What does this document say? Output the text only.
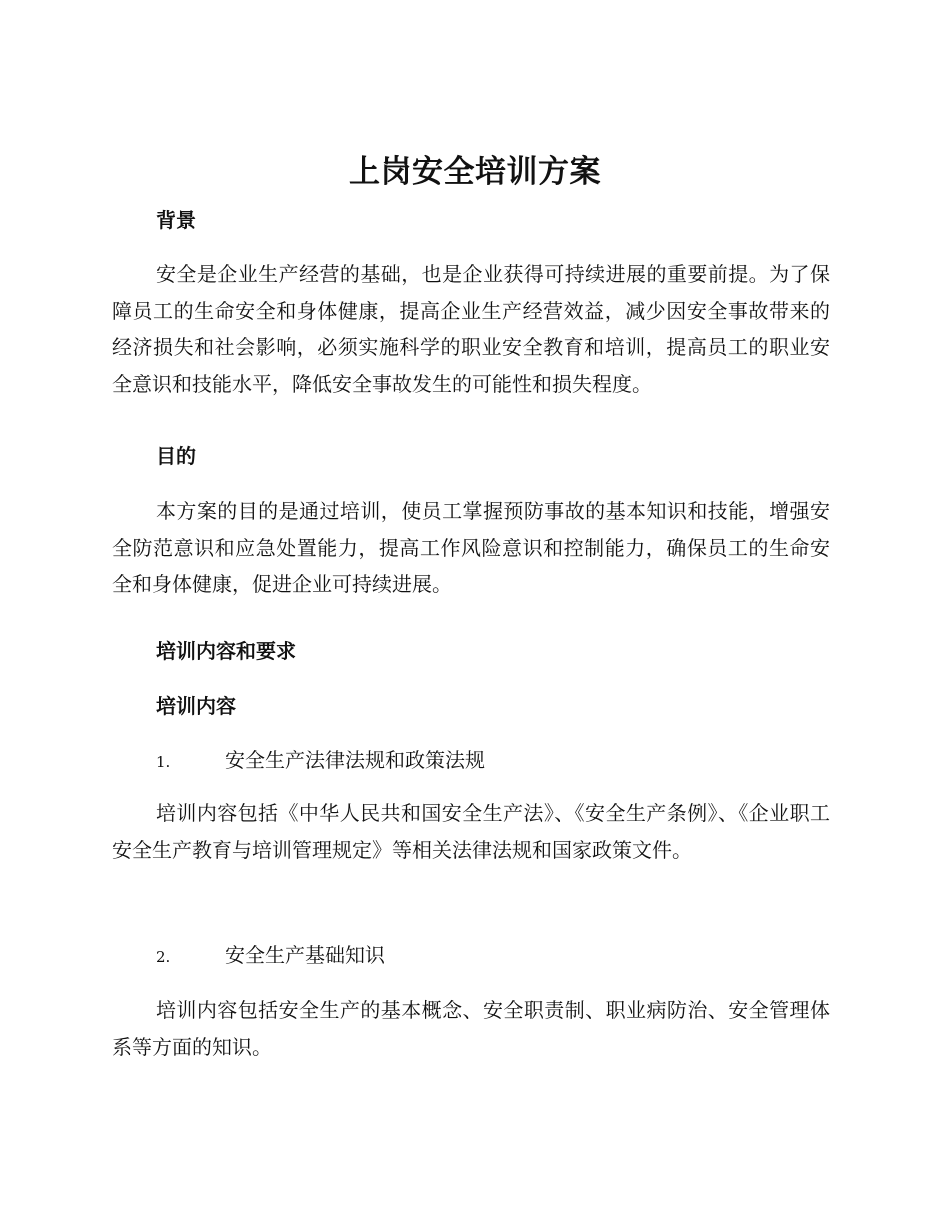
上岗安全培训方案
背景

安全是企业生产经营的基础，也是企业获得可持续进展的重要前提。为了保障员工的生命安全和身体健康，提高企业生产经营效益，减少因安全事故带来的经济损失和社会影响，必须实施科学的职业安全教育和培训，提高员工的职业安全意识和技能水平，降低安全事故发生的可能性和损失程度。

目的

本方案的目的是通过培训，使员工掌握预防事故的基本知识和技能，增强安全防范意识和应急处置能力，提高工作风险意识和控制能力，确保员工的生命安全和身体健康，促进企业可持续进展。

培训内容和要求
培训内容
1.	安全生产法律法规和政策法规

培训内容包括《中华人民共和国安全生产法》、《安全生产条例》、《企业职工安全生产教育与培训管理规定》等相关法律法规和国家政策文件。

2.	安全生产基础知识

培训内容包括安全生产的基本概念、安全职责制、职业病防治、安全管理体系等方面的知识。
